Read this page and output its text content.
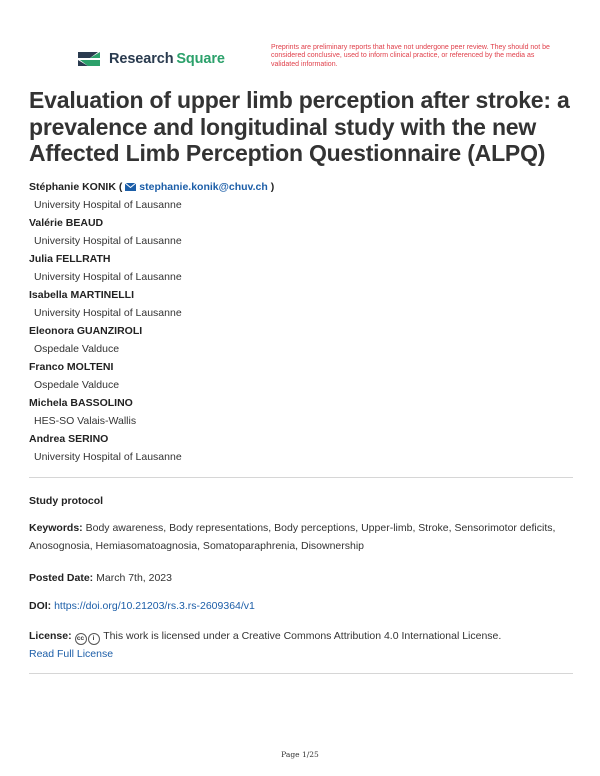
Research  Square
Preprints are preliminary reports that have not undergone peer review. They should not be considered conclusive, used to inform clinical practice, or referenced by the media as validated information.
Evaluation of upper limb perception after stroke: a prevalence and longitudinal study with the new Affected Limb Perception Questionnaire (ALPQ)
Stéphanie KONIK ( stephanie.konik@chuv.ch )
University Hospital of Lausanne
Valérie BEAUD
University Hospital of Lausanne
Julia FELLRATH
University Hospital of Lausanne
Isabella MARTINELLI
University Hospital of Lausanne
Eleonora GUANZIROLI
Ospedale Valduce
Franco MOLTENI
Ospedale Valduce
Michela BASSOLINO
HES-SO Valais-Wallis
Andrea SERINO
University Hospital of Lausanne
Study protocol
Keywords: Body awareness, Body representations, Body perceptions, Upper-limb, Stroke, Sensorimotor deficits, Anosognosia, Hemiasomatoagnosia, Somatoparaphrenia, Disownership
Posted Date: March 7th, 2023
DOI: https://doi.org/10.21203/rs.3.rs-2609364/v1
License: cc i This work is licensed under a Creative Commons Attribution 4.0 International License.
Read Full License
Page 1/25
